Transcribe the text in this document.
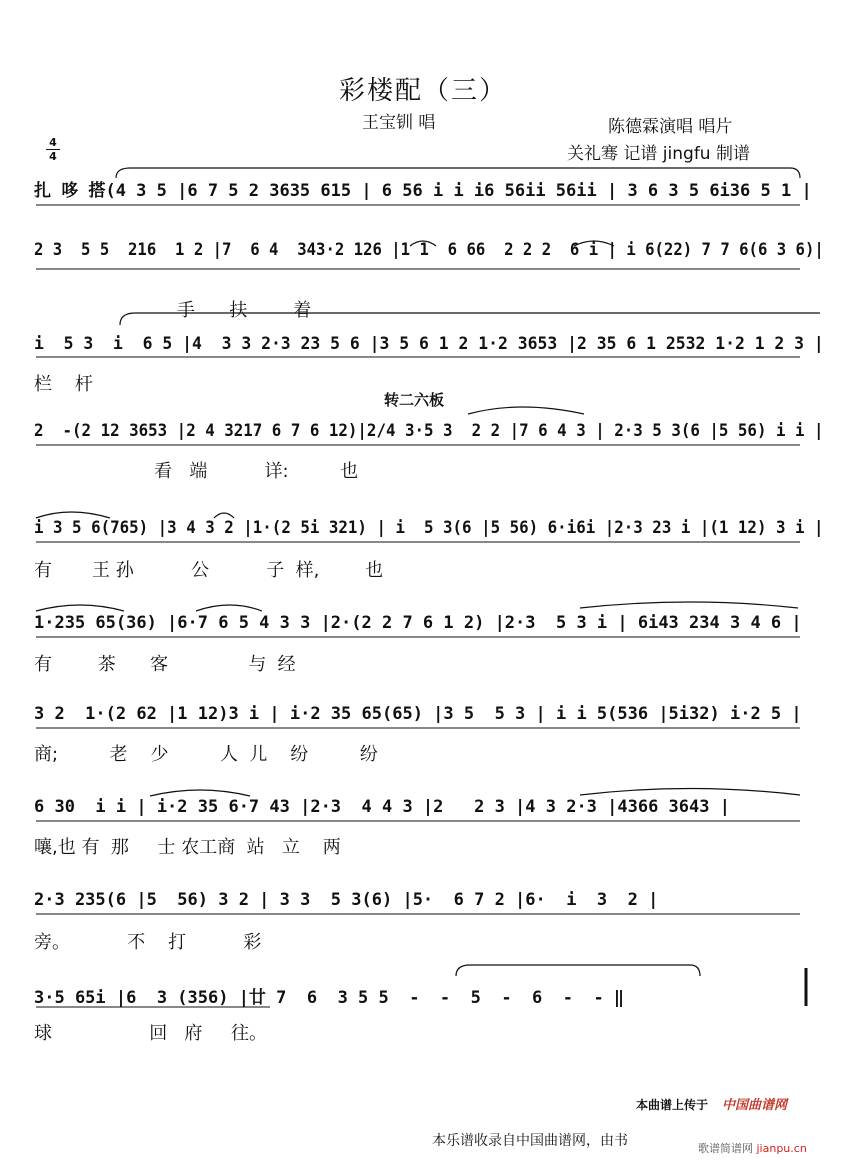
彩楼配（三）
王宝钏 唱	陈德霖演唱 唱片
关礼骞 记谱 jingfu 制谱
4
4
转二六板
扎 哆 搭(4 3 5 |6 7 5 2 3635 615 | 6 56 i i i6 56ii 56ii | 3 6 3 5 6i36 5 1 |
2 3  5 5  216  1 2 |7  6 4  343·2 126 |1 1  6 66  2 2 2  6 i | i 6(22) 7 7 6(6 3 6)|
手      扶        着
i  5 3  i  6 5 |4  3 3 2·3 23 5 6 |3 5 6 1 2 1·2 3653 |2 35 6 1 2532 1·2 1 2 3 |
栏    杆
2  -(2 12 3653 |2 4 3217 6 7 6 12)|2/4 3·5 3  2 2 |7 6 4 3 | 2·3 5 3(6 |5 56) i i |
看   端          详:         也
i 3 5 6(765) |3 4 3 2 |1·(2 5i 321) | i  5 3(6 |5 56) 6·i6i |2·3 23 i |(1 12) 3 i |
有       王 孙          公          子  样,        也
1·235 65(36) |6·7 6 5 4 3 3 |2·(2 2 7 6 1 2) |2·3  5 3 i | 6i43 234 3 4 6 |
有        茶      客              与  经
3 2  1·(2 62 |1 12)3 i | i·2 35 65(65) |3 5  5 3 | i i 5(536 |5i32) i·2 5 |
商;         老    少         人  儿    纷         纷
6 30  i i | i·2 35 6·7 43 |2·3  4 4 3 |2   2 3 |4 3 2·3 |4366 3643 |
嚷,也 有  那     士 农工商  站   立    两
2·3 235(6 |5  56) 3 2 | 3 3  5 3(6) |5·  6 7 2 |6·  i  3  2 |
旁。          不    打          彩
3·5 65i |6  3 (356) |廿 7  6  3 5 5  -  -  5  -  6  -  - ‖
球                 回   府     往。
本曲谱上传于 中国曲谱网
本乐谱收录自中国曲谱网，由书	歌谱简谱网 jianpu.cn
